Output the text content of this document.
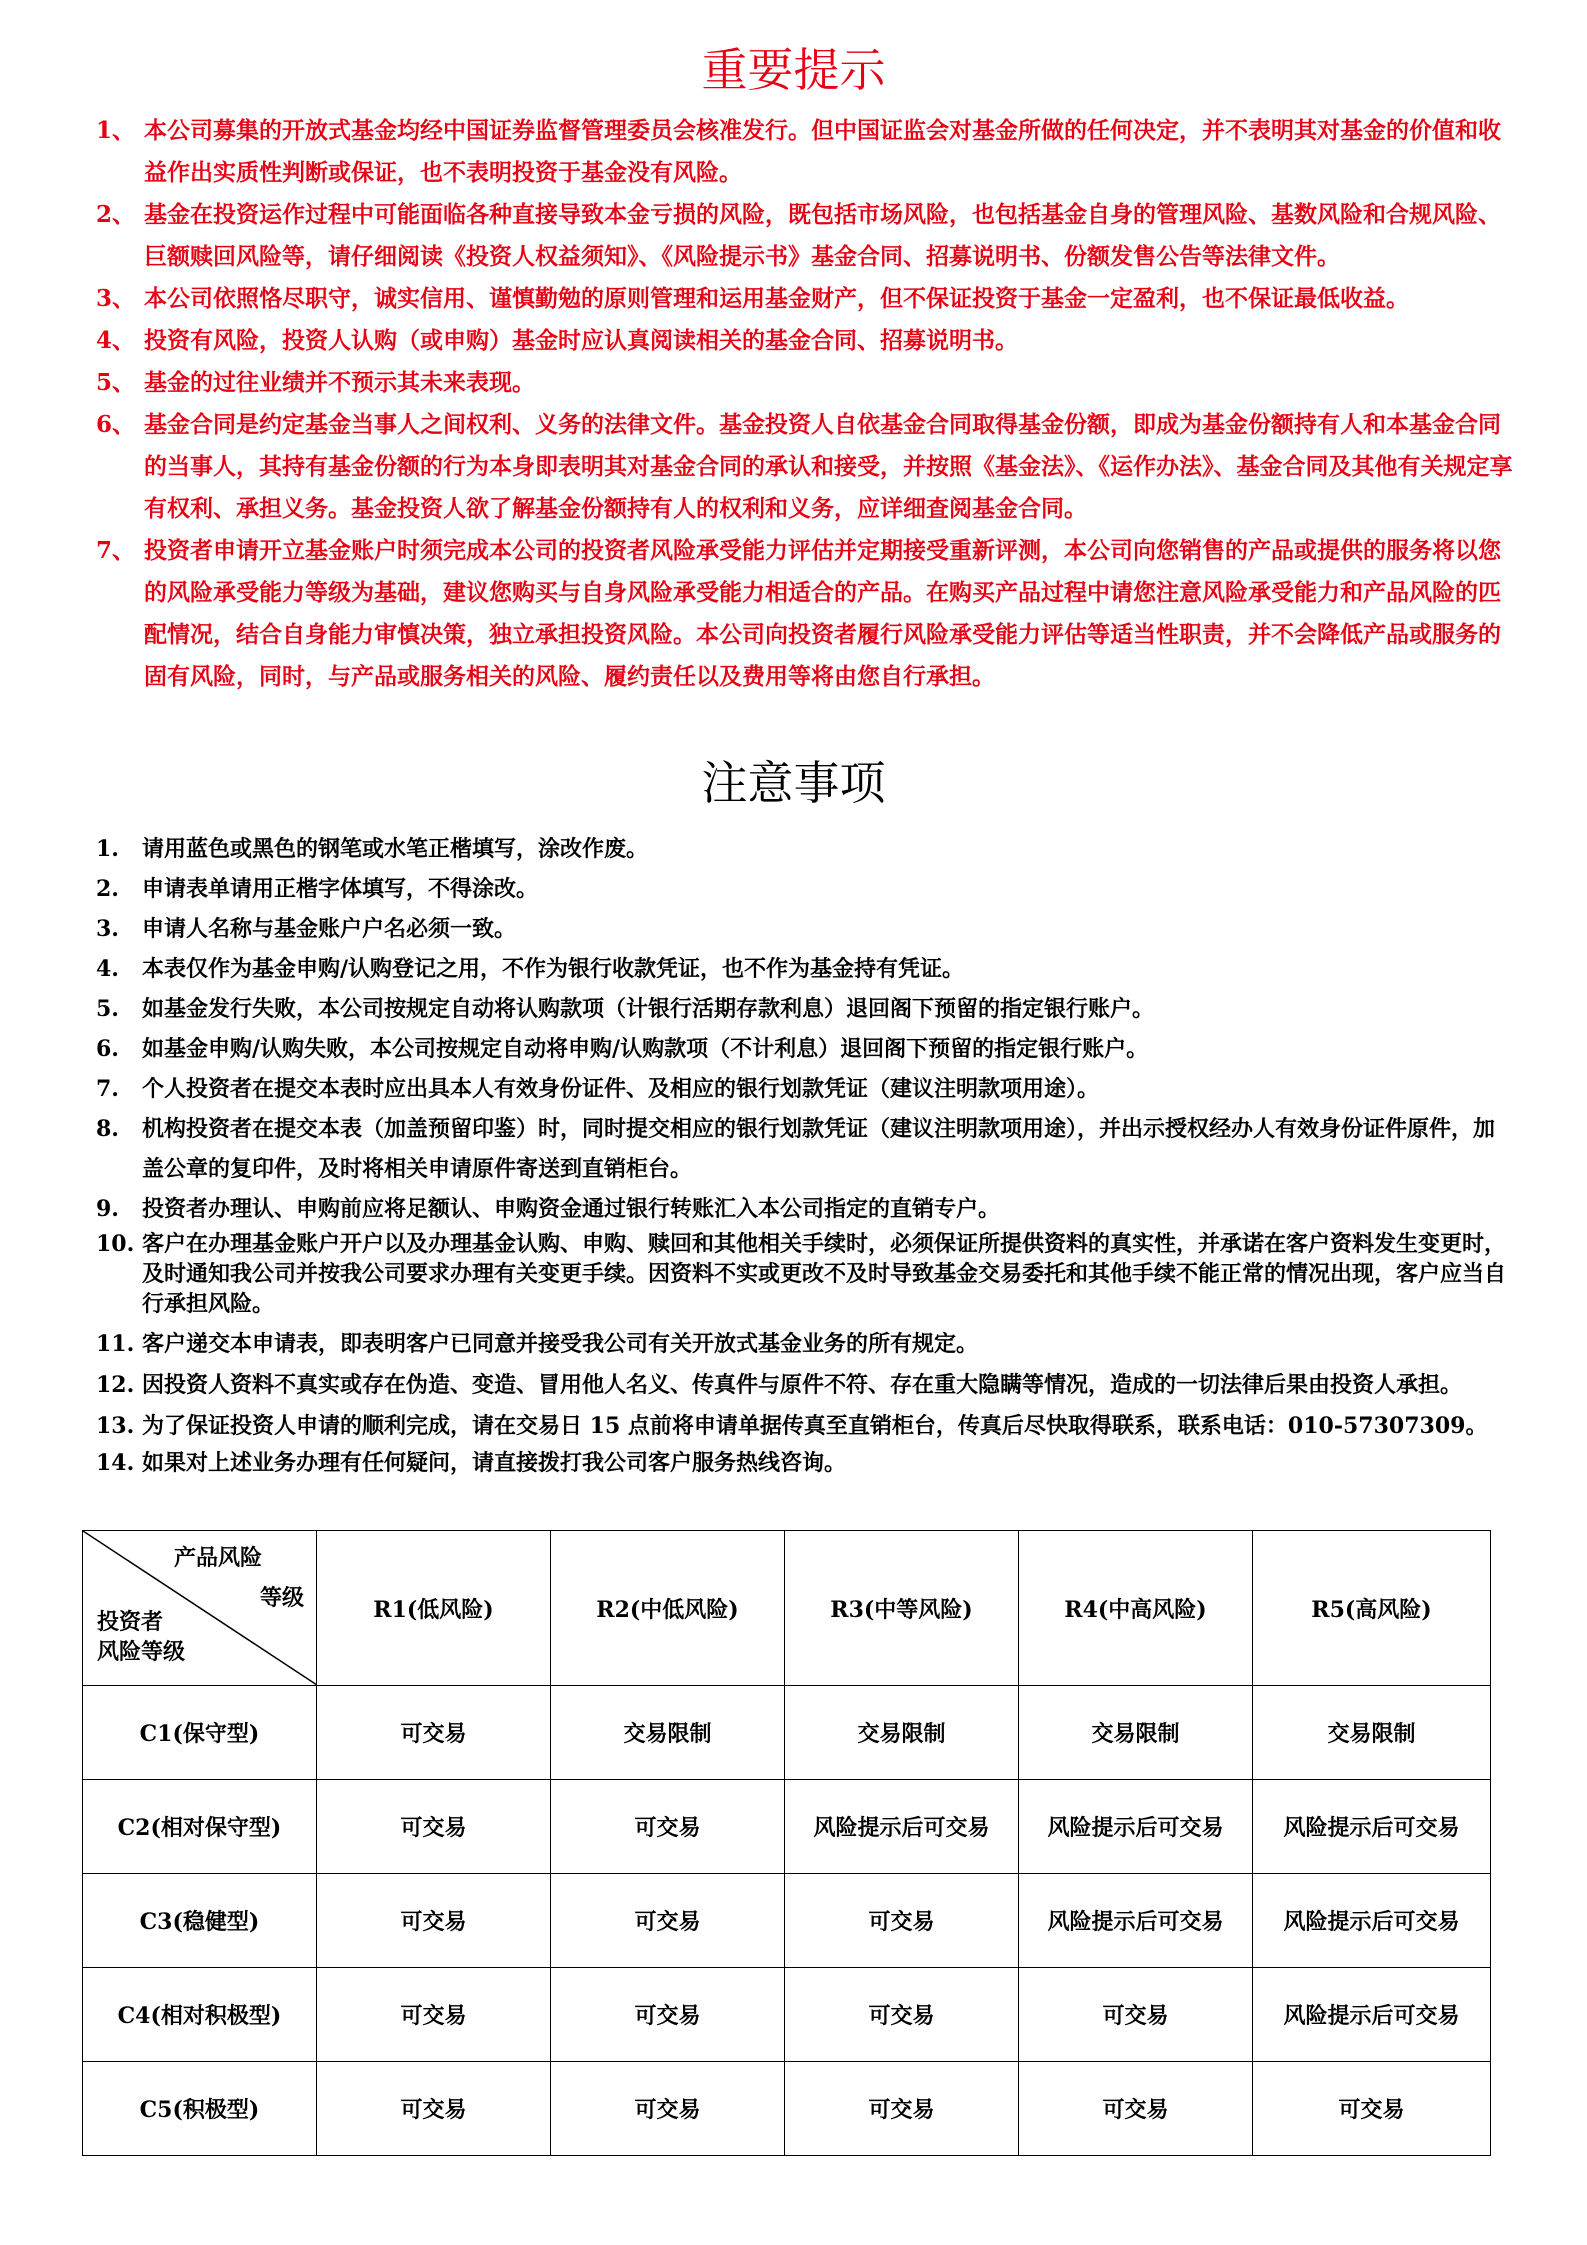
重要提示
1、 本公司募集的开放式基金均经中国证券监督管理委员会核准发行。但中国证监会对基金所做的任何决定，并不表明其对基金的价值和收益作出实质性判断或保证，也不表明投资于基金没有风险。
2、 基金在投资运作过程中可能面临各种直接导致本金亏损的风险，既包括市场风险，也包括基金自身的管理风险、基数风险和合规风险、巨额赎回风险等，请仔细阅读《投资人权益须知》、《风险提示书》基金合同、招募说明书、份额发售公告等法律文件。
3、 本公司依照恪尽职守，诚实信用、谨慎勤勉的原则管理和运用基金财产，但不保证投资于基金一定盈利，也不保证最低收益。
4、 投资有风险，投资人认购（或申购）基金时应认真阅读相关的基金合同、招募说明书。
5、 基金的过往业绩并不预示其未来表现。
6、 基金合同是约定基金当事人之间权利、义务的法律文件。基金投资人自依基金合同取得基金份额，即成为基金份额持有人和本基金合同的当事人，其持有基金份额的行为本身即表明其对基金合同的承认和接受，并按照《基金法》、《运作办法》、基金合同及其他有关规定享有权利、承担义务。基金投资人欲了解基金份额持有人的权利和义务，应详细查阅基金合同。
7、 投资者申请开立基金账户时须完成本公司的投资者风险承受能力评估并定期接受重新评测，本公司向您销售的产品或提供的服务将以您的风险承受能力等级为基础，建议您购买与自身风险承受能力相适合的产品。在购买产品过程中请您注意风险承受能力和产品风险的匹配情况，结合自身能力审慎决策，独立承担投资风险。本公司向投资者履行风险承受能力评估等适当性职责，并不会降低产品或服务的固有风险，同时，与产品或服务相关的风险、履约责任以及费用等将由您自行承担。
注意事项
1.	请用蓝色或黑色的钢笔或水笔正楷填写，涂改作废。
2.	申请表单请用正楷字体填写，不得涂改。
3.	申请人名称与基金账户户名必须一致。
4.	本表仅作为基金申购/认购登记之用，不作为银行收款凭证，也不作为基金持有凭证。
5.	如基金发行失败，本公司按规定自动将认购款项（计银行活期存款利息）退回阁下预留的指定银行账户。
6.	如基金申购/认购失败，本公司按规定自动将申购/认购款项（不计利息）退回阁下预留的指定银行账户。
7.	个人投资者在提交本表时应出具本人有效身份证件、及相应的银行划款凭证（建议注明款项用途）。
8.	机构投资者在提交本表（加盖预留印鉴）时，同时提交相应的银行划款凭证（建议注明款项用途），并出示授权经办人有效身份证件原件，加盖公章的复印件，及时将相关申请原件寄送到直销柜台。
9.	投资者办理认、申购前应将足额认、申购资金通过银行转账汇入本公司指定的直销专户。
10. 客户在办理基金账户开户以及办理基金认购、申购、赎回和其他相关手续时，必须保证所提供资料的真实性，并承诺在客户资料发生变更时，及时通知我公司并按我公司要求办理有关变更手续。因资料不实或更改不及时导致基金交易委托和其他手续不能正常的情况出现，客户应当自行承担风险。
11. 客户递交本申请表，即表明客户已同意并接受我公司有关开放式基金业务的所有规定。
12. 因投资人资料不真实或存在伪造、变造、冒用他人名义、传真件与原件不符、存在重大隐瞒等情况，造成的一切法律后果由投资人承担。
13. 为了保证投资人申请的顺利完成，请在交易日 15 点前将申请单据传真至直销柜台，传真后尽快取得联系，联系电话：010-57307309。
14. 如果对上述业务办理有任何疑问，请直接拨打我公司客户服务热线咨询。
产品风险
等级
投资者
风险等级	R1(低风险)	R2(中低风险)	R3(中等风险)	R4(中高风险)	R5(高风险)
C1(保守型)	可交易	交易限制	交易限制	交易限制	交易限制
C2(相对保守型)	可交易	可交易	风险提示后可交易	风险提示后可交易	风险提示后可交易
C3(稳健型)	可交易	可交易	可交易	风险提示后可交易	风险提示后可交易
C4(相对积极型)	可交易	可交易	可交易	可交易	风险提示后可交易
C5(积极型)	可交易	可交易	可交易	可交易	可交易
